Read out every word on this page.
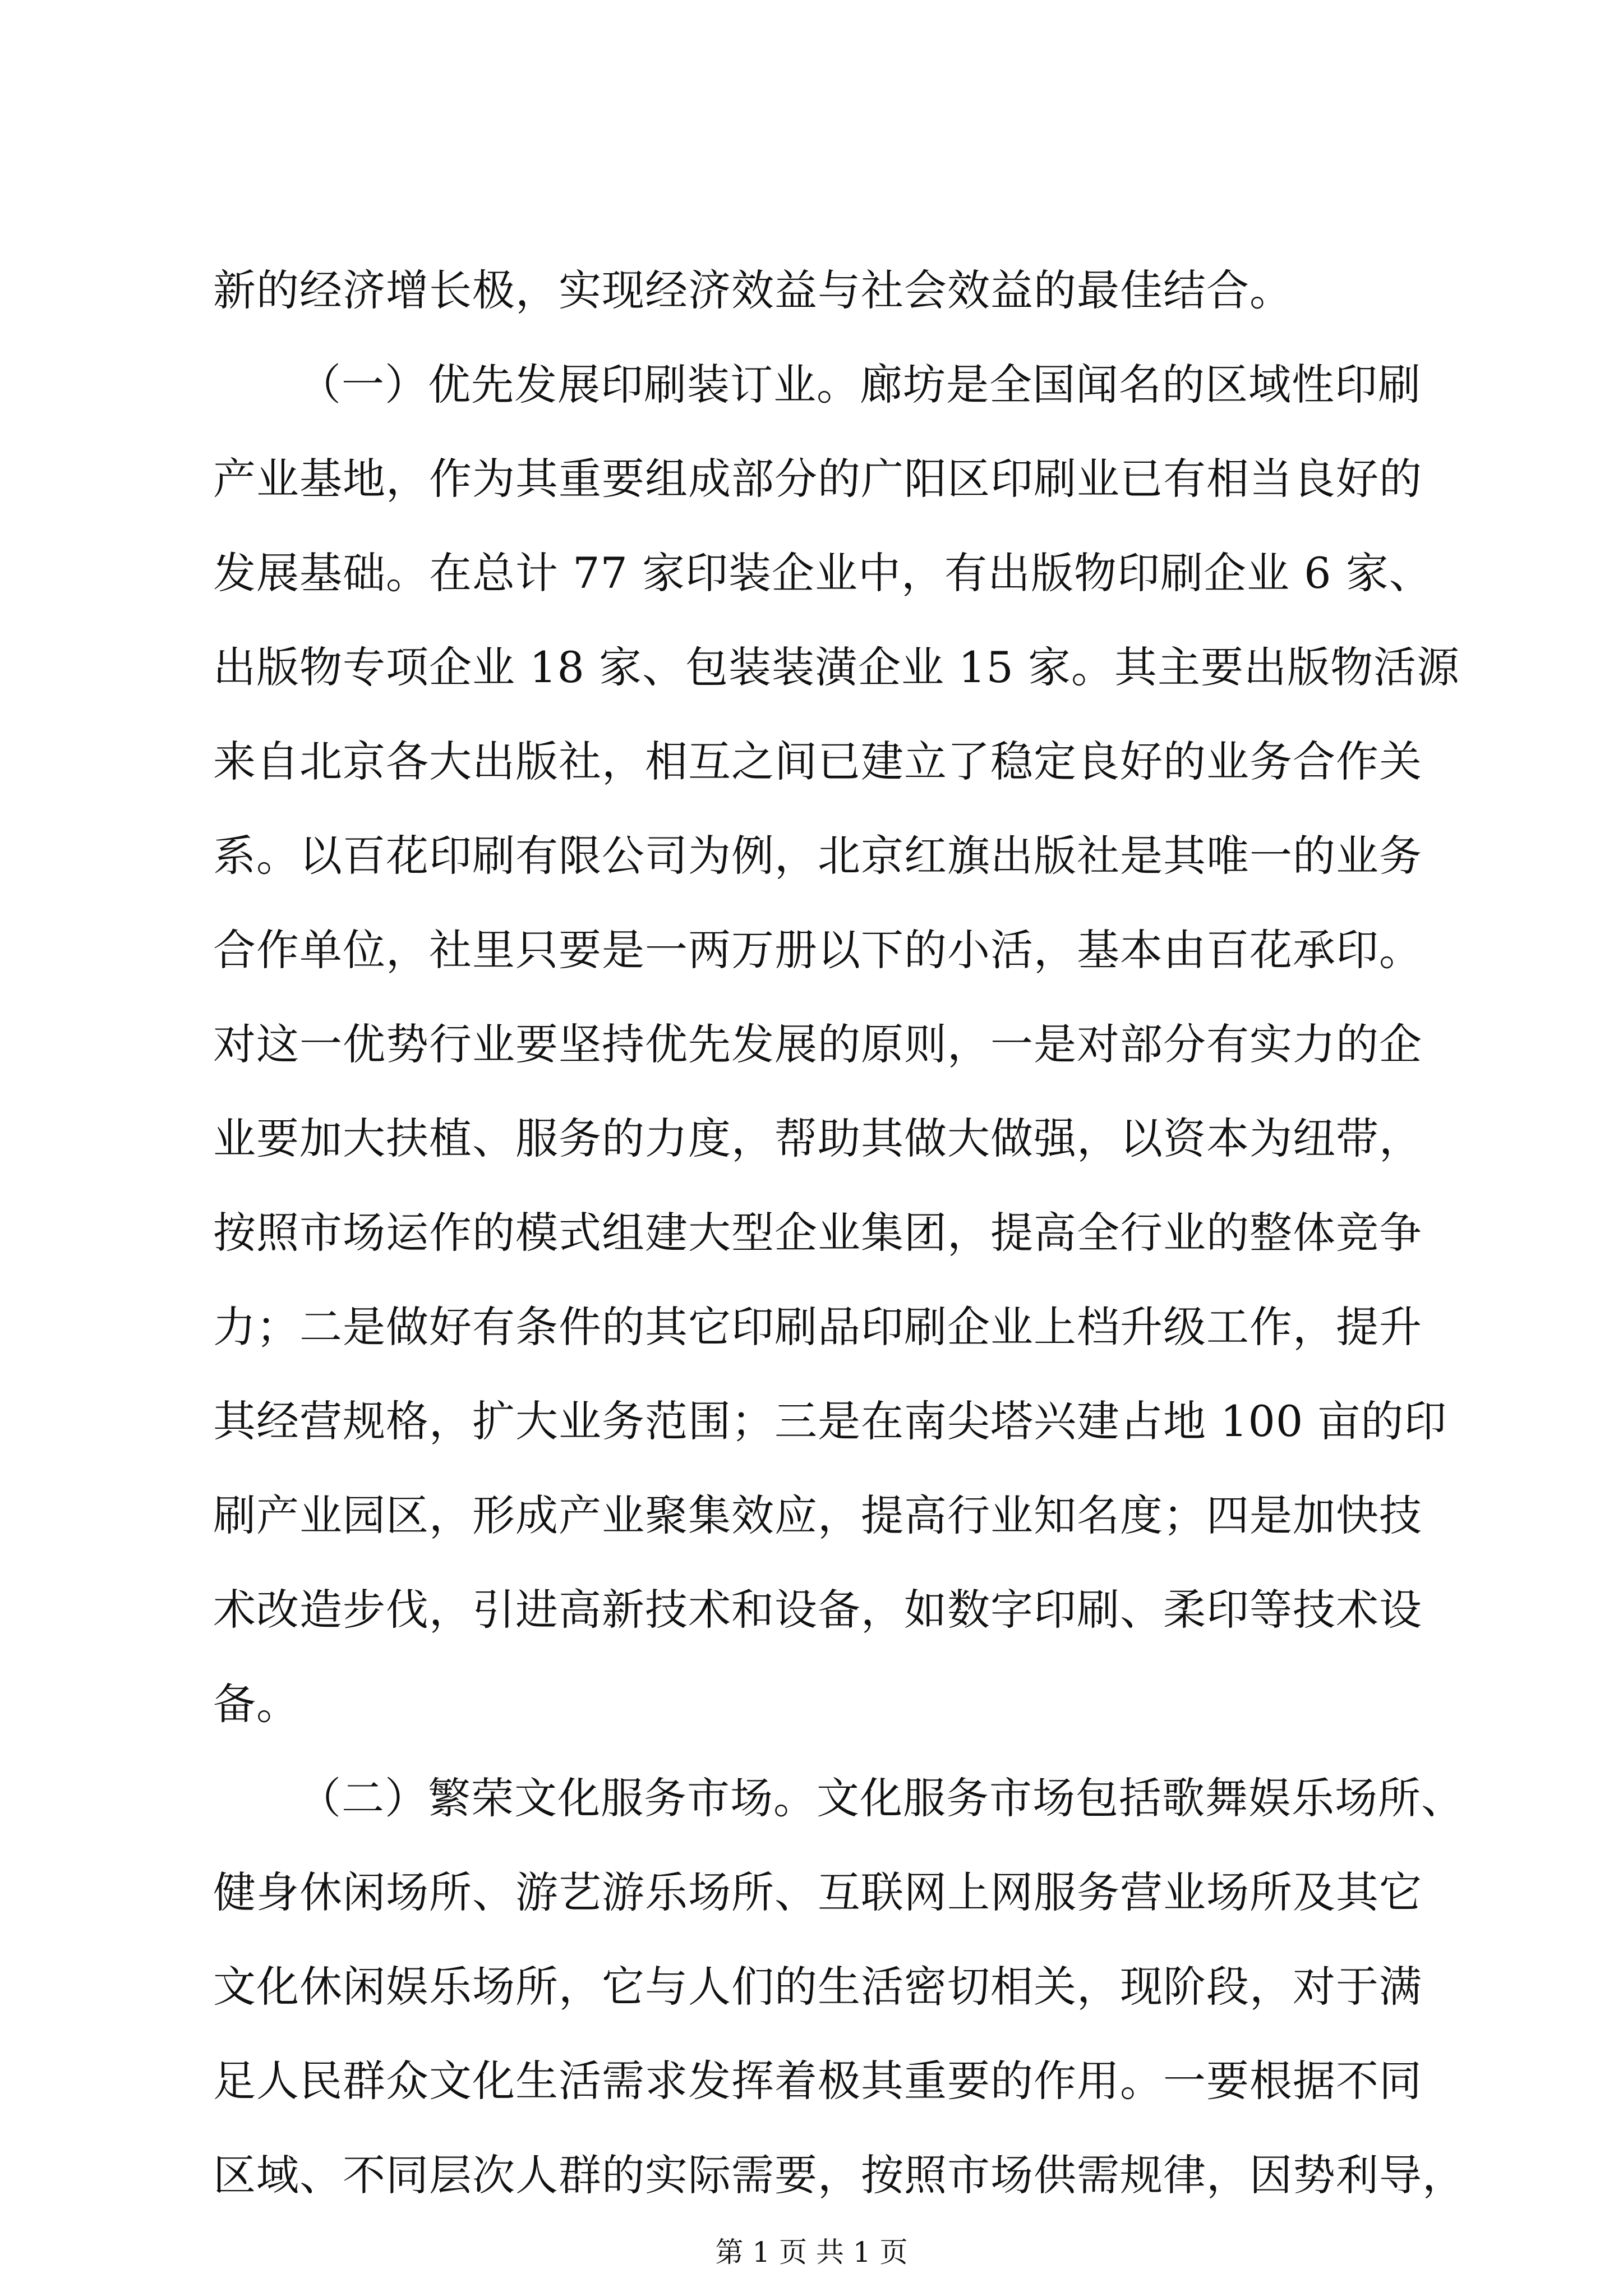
新的经济增长极，实现经济效益与社会效益的最佳结合。
（一）优先发展印刷装订业。廊坊是全国闻名的区域性印刷
产业基地，作为其重要组成部分的广阳区印刷业已有相当良好的
发展基础。在总计 77 家印装企业中，有出版物印刷企业 6 家、
出版物专项企业 18 家、包装装潢企业 15 家。其主要出版物活源
来自北京各大出版社，相互之间已建立了稳定良好的业务合作关
系。以百花印刷有限公司为例，北京红旗出版社是其唯一的业务
合作单位，社里只要是一两万册以下的小活，基本由百花承印。
对这一优势行业要坚持优先发展的原则，一是对部分有实力的企
业要加大扶植、服务的力度，帮助其做大做强，以资本为纽带，
按照市场运作的模式组建大型企业集团，提高全行业的整体竞争
力；二是做好有条件的其它印刷品印刷企业上档升级工作，提升
其经营规格，扩大业务范围；三是在南尖塔兴建占地 100 亩的印
刷产业园区，形成产业聚集效应，提高行业知名度；四是加快技
术改造步伐，引进高新技术和设备，如数字印刷、柔印等技术设
备。
（二）繁荣文化服务市场。文化服务市场包括歌舞娱乐场所、
健身休闲场所、游艺游乐场所、互联网上网服务营业场所及其它
文化休闲娱乐场所，它与人们的生活密切相关，现阶段，对于满
足人民群众文化生活需求发挥着极其重要的作用。一要根据不同
区域、不同层次人群的实际需要，按照市场供需规律，因势利导，
第 1 页 共 1 页
